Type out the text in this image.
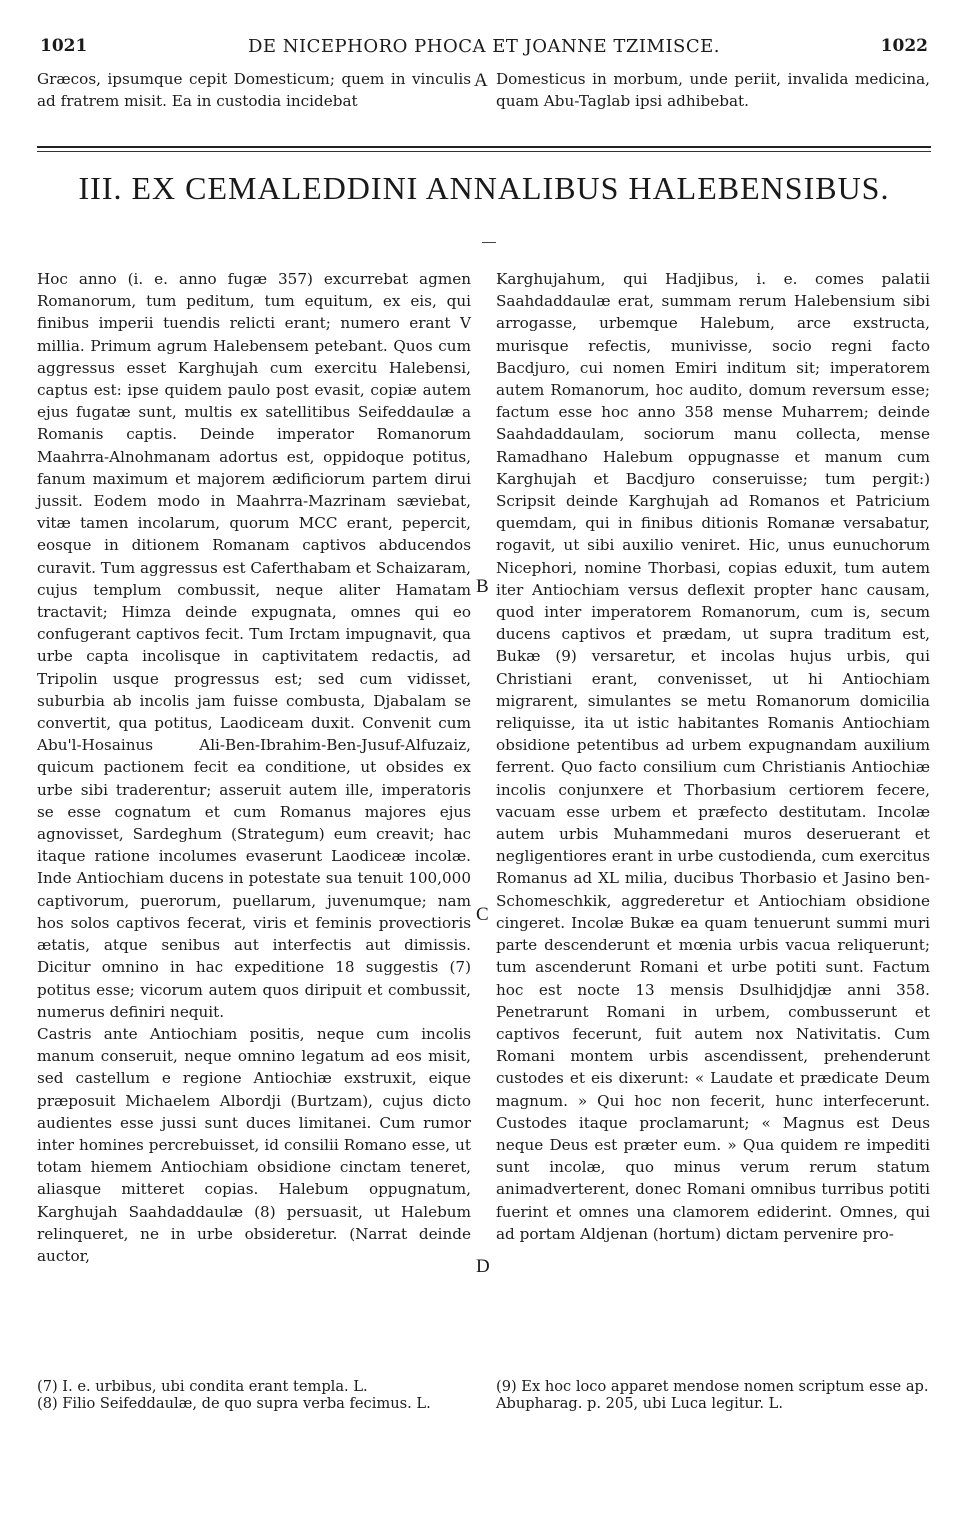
1021	DE NICEPHORO PHOCA ET JOANNE TZIMISCE.	1022

Græcos, ipsumque cepit Domesticum; quem in vinculis ad fratrem misit. Ea in custodia incidebat

A Domesticus in morbum, unde periit, invalida medicina, quam Abu-Taglab ipsi adhibebat.

III. EX CEMALEDDINI ANNALIBUS HALEBENSIBUS.

Hoc anno (i. e. anno fugæ 357) excurrebat agmen Romanorum, tum peditum, tum equitum, ex eis, qui finibus imperii tuendis relicti erant; numero erant V millia. Primum agrum Halebensem petebant. Quos cum aggressus esset Karghujah cum exercitu Halebensi, captus est: ipse quidem paulo post evasit, copiæ autem ejus fugatæ sunt, multis ex satellitibus Seifeddaulæ a Romanis captis. Deinde imperator Romanorum Maahrra-Alnohmanam adortus est, oppidoque potitus, fanum maximum et majorem ædificiorum partem dirui jussit. Eodem modo in Maahrra-Mazrinam sæviebat, vitæ tamen incolarum, quorum MCC erant, pepercit, eosque in ditionem Romanam captivos abducendos curavit. Tum aggressus est Caferthabam et Schaizaram, cujus templum combussit, neque aliter Hamatam tractavit; Himza deinde expugnata, omnes qui eo confugerant captivos fecit. Tum Irctam impugnavit, qua urbe capta incolisque in captivitatem redactis, ad Tripolin usque progressus est; sed cum vidisset, suburbia ab incolis jam fuisse combusta, Djabalam se convertit, qua potitus, Laodiceam duxit. Convenit cum Abu'l-Hosainus Ali-Ben-Ibrahim-Ben-Jusuf-Alfuzaiz, quicum pactionem fecit ea conditione, ut obsides ex urbe sibi traderentur; asseruit autem ille, imperatoris se esse cognatum et cum Romanus majores ejus agnovisset, Sardeghum (Strategum) eum creavit; hac itaque ratione incolumes evaserunt Laodiceæ incolæ. Inde Antiochiam ducens in potestate sua tenuit 100,000 captivorum, puerorum, puellarum, juvenumque; nam hos solos captivos fecerat, viris et feminis provectioris ætatis, atque senibus aut interfectis aut dimissis. Dicitur omnino in hac expeditione 18 suggestis (7) potitus esse; vicorum autem quos diripuit et combussit, numerus definiri nequit.

Castris ante Antiochiam positis, neque cum incolis manum conseruit, neque omnino legatum ad eos misit, sed castellum e regione Antiochiæ exstruxit, eique præposuit Michaelem Albordji (Burtzam), cujus dicto audientes esse jussi sunt duces limitanei. Cum rumor inter homines percrebuisset, id consilii Romano esse, ut totam hiemem Antiochiam obsidione cinctam teneret, aliasque mitteret copias. Halebum oppugnatum, Karghujah Saahdaddaulæ (8) persuasit, ut Halebum relinqueret, ne in urbe obsideretur. (Narrat deinde auctor,

B
C
D

Karghujahum, qui Hadjibus, i. e. comes palatii Saahdaddaulæ erat, summam rerum Halebensium sibi arrogasse, urbemque Halebum, arce exstructa, murisque refectis, munivisse, socio regni facto Bacdjuro, cui nomen Emiri inditum sit; imperatorem autem Romanorum, hoc audito, domum reversum esse; factum esse hoc anno 358 mense Muharrem; deinde Saahdaddaulam, sociorum manu collecta, mense Ramadhano Halebum oppugnasse et manum cum Karghujah et Bacdjuro conseruisse; tum pergit:) Scripsit deinde Karghujah ad Romanos et Patricium quemdam, qui in finibus ditionis Romanæ versabatur, rogavit, ut sibi auxilio veniret. Hic, unus eunuchorum Nicephori, nomine Thorbasi, copias eduxit, tum autem iter Antiochiam versus deflexit propter hanc causam, quod inter imperatorem Romanorum, cum is, secum ducens captivos et prædam, ut supra traditum est, Bukæ (9) versaretur, et incolas hujus urbis, qui Christiani erant, convenisset, ut hi Antiochiam migrarent, simulantes se metu Romanorum domicilia reliquisse, ita ut istic habitantes Romanis Antiochiam obsidione petentibus ad urbem expugnandam auxilium ferrent. Quo facto consilium cum Christianis Antiochiæ incolis conjunxere et Thorbasium certiorem fecere, vacuam esse urbem et præfecto destitutam. Incolæ autem urbis Muhammedani muros deseruerant et negligentiores erant in urbe custodienda, cum exercitus Romanus ad XL milia, ducibus Thorbasio et Jasino ben-Schomeschkik, aggrederetur et Antiochiam obsidione cingeret. Incolæ Bukæ ea quam tenuerunt summi muri parte descenderunt et mœnia urbis vacua reliquerunt; tum ascenderunt Romani et urbe potiti sunt. Factum hoc est nocte 13 mensis Dsulhidjdjæ anni 358. Penetrarunt Romani in urbem, combusserunt et captivos fecerunt, fuit autem nox Nativitatis. Cum Romani montem urbis ascendissent, prehenderunt custodes et eis dixerunt: « Laudate et prædicate Deum magnum. » Qui hoc non fecerit, hunc interfecerunt. Custodes itaque proclamarunt; « Magnus est Deus neque Deus est præter eum. » Qua quidem re impediti sunt incolæ, quo minus verum rerum statum animadverterent, donec Romani omnibus turribus potiti fuerint et omnes una clamorem ediderint. Omnes, qui ad portam Aldjenan (hortum) dictam pervenire pro-

(7) I. e. urbibus, ubi condita erant templa. L.

(8) Filio Seifeddaulæ, de quo supra verba fecimus. L.

(9) Ex hoc loco apparet mendose nomen scriptum esse ap. Abupharag. p. 205, ubi Luca legitur. L.
